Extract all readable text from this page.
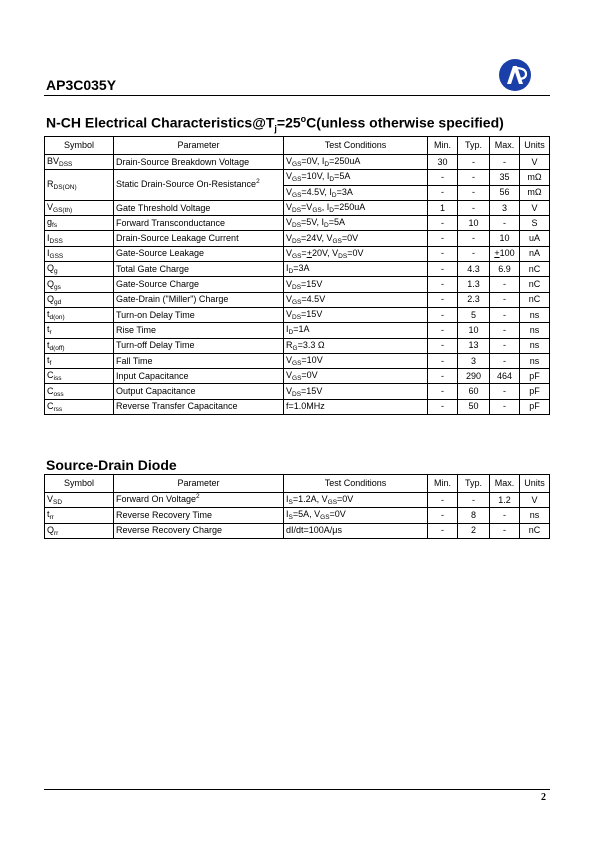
AP3C035Y
N-CH Electrical $Characteristics@T_j=25^oC(unless$ otherwise specified)
Symbol	Parameter	Test Conditions	Min.	Typ.	Max.	Units
$BV_{DSS}$	Drain-Source Breakdown Voltage	$V_{GS}=0V$, $I_D=250uA$	30	-	-	V
$R_{DS(ON)}$	Static Drain-Source On-Resistance$^2$	$V_{GS}=10V$, $I_D=5A$	-	-	35	mΩ
		$V_{GS}=4.5V$, $I_D=3A$	-	-	56	mΩ
$V_{GS(th)}$	Gate Threshold Voltage	$V_{DS}=V_{GS}$, $I_D=250uA$	1	-	3	V
$g_{fs}$	Forward Transconductance	$V_{DS}=5V$, $I_D=5A$	-	10	-	S
$I_{DSS}$	Drain-Source Leakage Current	$V_{DS}=24V$, $V_{GS}=0V$	-	-	10	uA
$I_{GSS}$	Gate-Source Leakage	$V_{GS}=+20V$, $V_{DS}=0V$	-	-	+100	nA
$Q_g$	Total Gate Charge	$I_D=3A$	-	4.3	6.9	nC
$Q_{gs}$	Gate-Source Charge	$V_{DS}=15V$	-	1.3	-	nC
$Q_{gd}$	Gate-Drain ("Miller") Charge	$V_{GS}=4.5V$	-	2.3	-	nC
$t_{d(on)}$	Turn-on Delay Time	$V_{DS}=15V$	-	5	-	ns
$t_r$	Rise Time	$I_D=1A$	-	10	-	ns
$t_{d(off)}$	Turn-off Delay Time	$R_G=3.3$ Ω	-	13	-	ns
$t_f$	Fall Time	$V_{GS}=10V$	-	3	-	ns
$C_{iss}$	Input Capacitance	$V_{GS}=0V$	-	290	464	pF
$C_{oss}$	Output Capacitance	$V_{DS}=15V$	-	60	-	pF
$C_{rss}$	Reverse Transfer Capacitance	f=1.0MHz	-	50	-	pF
Source-Drain Diode
Symbol	Parameter	Test Conditions	Min.	Typ.	Max.	Units
$V_{SD}$	Forward On Voltage$^2$	$I_S=1.2A$, $V_{GS}=0V$	-	-	1.2	V
$t_{rr}$	Reverse Recovery Time	$I_S=5A$, $V_{GS}=0V$	-	8	-	ns
$Q_{rr}$	Reverse Recovery Charge	dI/dt=100A/μs	-	2	-	nC
2
